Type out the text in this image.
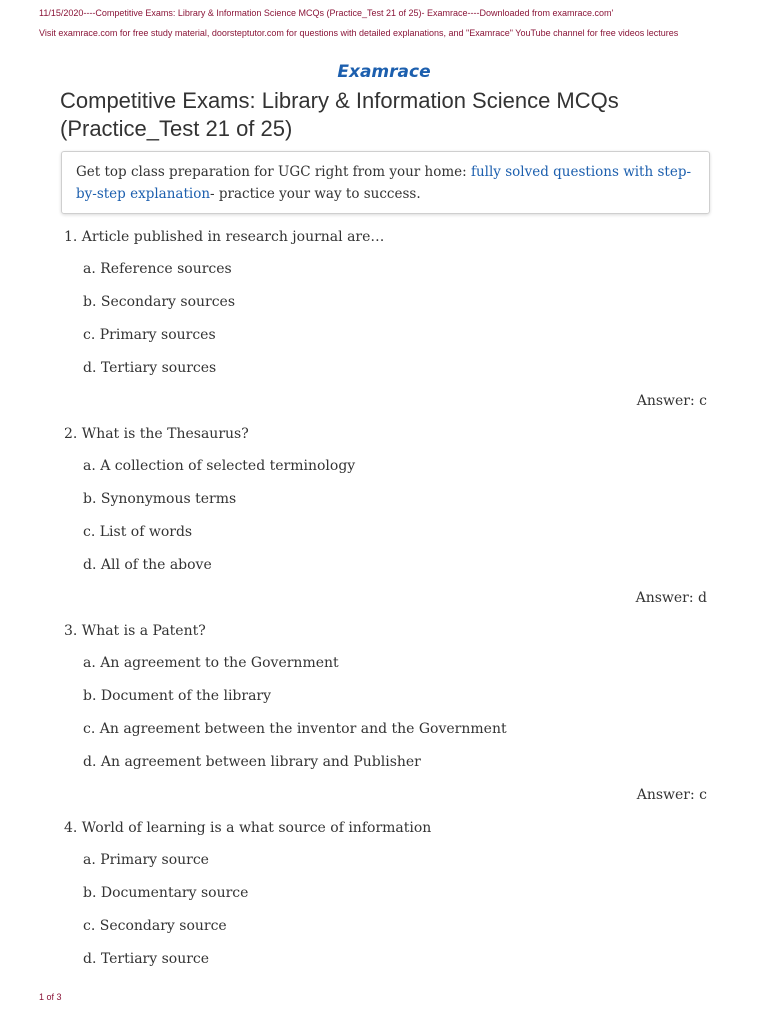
11/15/2020----Competitive Exams: Library & Information Science MCQs (Practice_Test 21 of 25)- Examrace----Downloaded from examrace.com'
Visit examrace.com for free study material, doorsteptutor.com for questions with detailed explanations, and "Examrace" YouTube channel for free videos lectures
Examrace
Competitive Exams: Library & Information Science MCQs (Practice_Test 21 of 25)
Get top class preparation for UGC right from your home: fully solved questions with step-by-step explanation- practice your way to success.
1. Article published in research journal are…
a. Reference sources
b. Secondary sources
c. Primary sources
d. Tertiary sources
Answer: c
2. What is the Thesaurus?
a. A collection of selected terminology
b. Synonymous terms
c. List of words
d. All of the above
Answer: d
3. What is a Patent?
a. An agreement to the Government
b. Document of the library
c. An agreement between the inventor and the Government
d. An agreement between library and Publisher
Answer: c
4. World of learning is a what source of information
a. Primary source
b. Documentary source
c. Secondary source
d. Tertiary source
1 of 3
